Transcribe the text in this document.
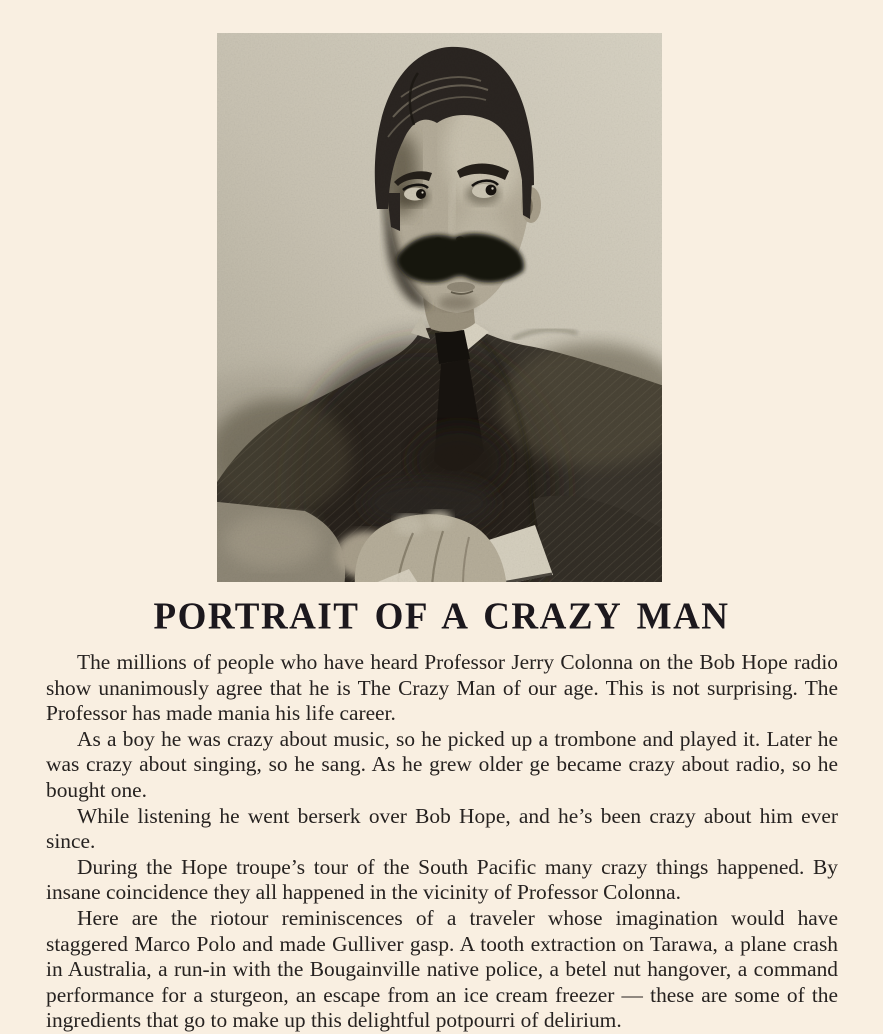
PORTRAIT OF A CRAZY MAN

The millions of people who have heard Professor Jerry Colonna on the Bob Hope radio show unanimously agree that he is The Crazy Man of our age. This is not surprising. The Professor has made mania his life career.

As a boy he was crazy about music, so he picked up a trombone and played it. Later he was crazy about singing, so he sang. As he grew older ge became crazy about radio, so he bought one.

While listening he went berserk over Bob Hope, and he’s been crazy about him ever since.

During the Hope troupe’s tour of the South Pacific many crazy things happened. By insane coincidence they all happened in the vicinity of Professor Colonna.

Here are the riotour reminiscences of a traveler whose imagination would have staggered Marco Polo and made Gulliver gasp. A tooth extraction on Tarawa, a plane crash in Australia, a run-in with the Bougainville native police, a betel nut hangover, a command performance for a sturgeon, an escape from an ice cream freezer — these are some of the ingredients that go to make up this delightful potpourri of delirium.
